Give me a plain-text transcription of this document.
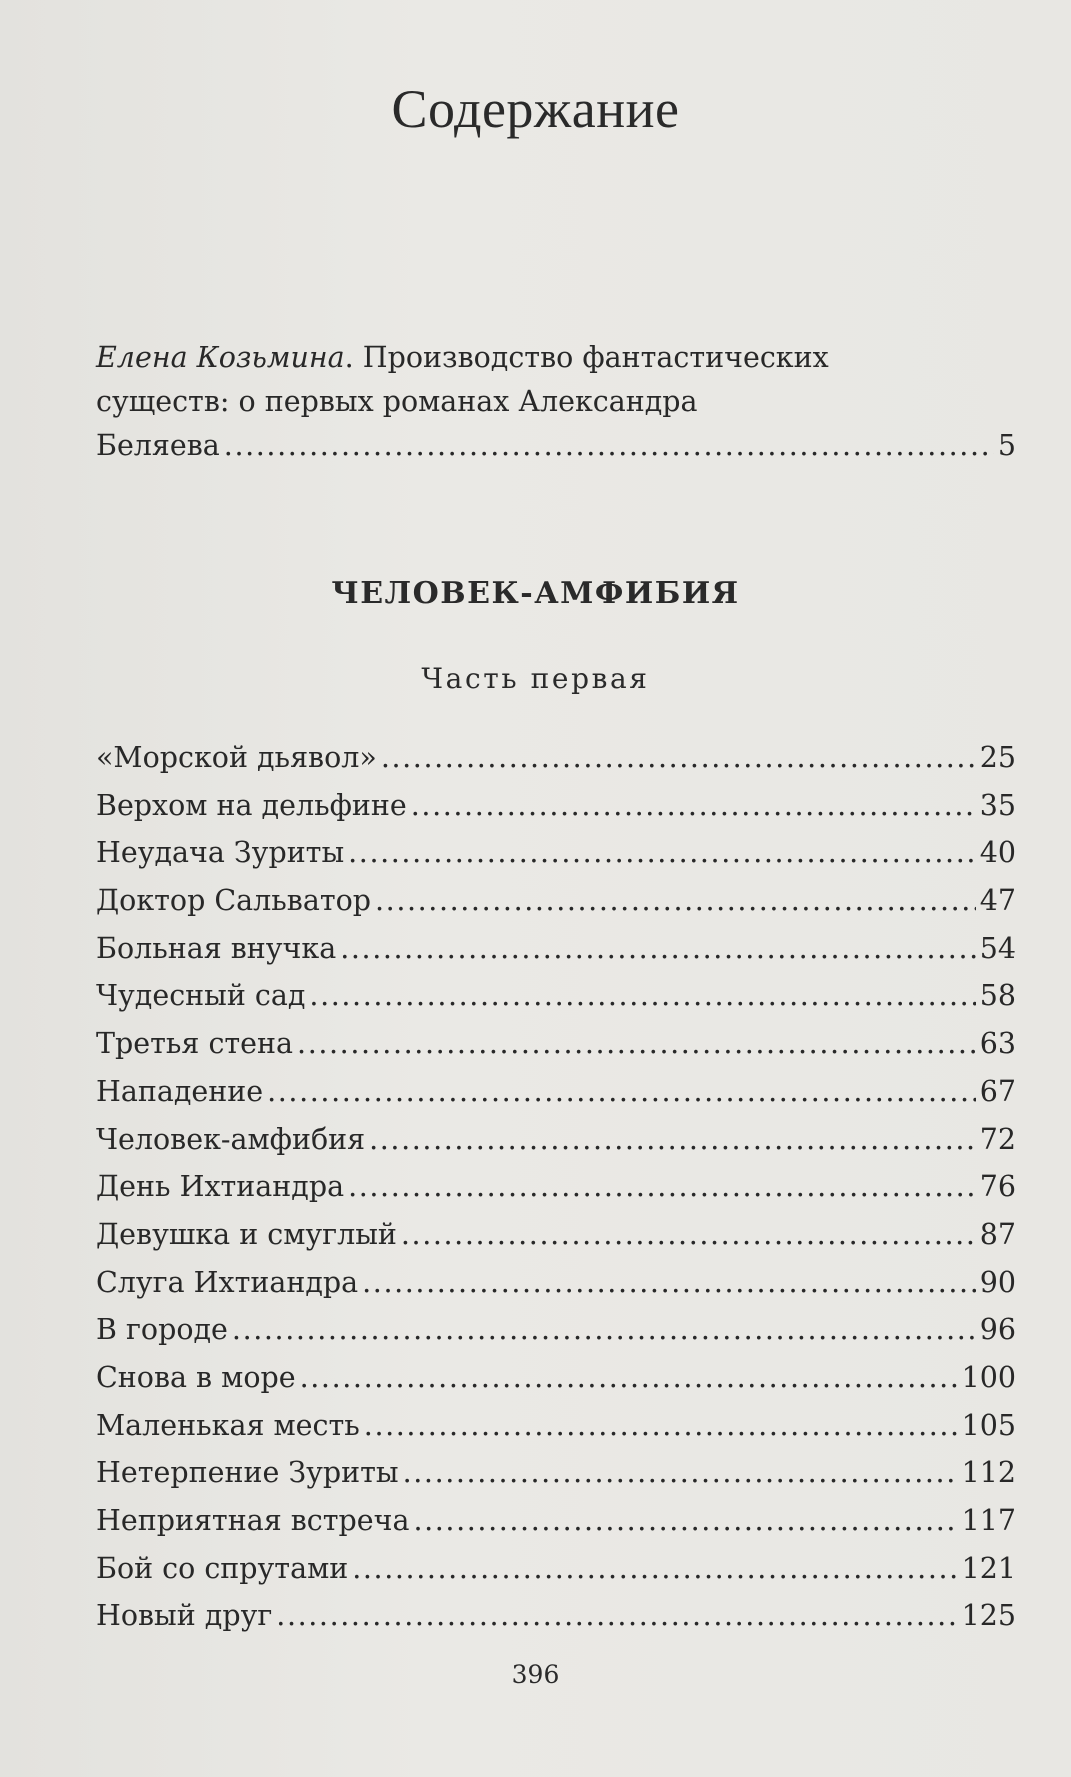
Содержание
Елена Козьмина. Производство фантастических
существ: о первых романах Александра
Беляева .....	5
ЧЕЛОВЕК-АМФИБИЯ
Часть первая
«Морской дьявол» .....	25
Верхом на дельфине .....	35
Неудача Зуриты .....	40
Доктор Сальватор .....	47
Больная внучка .....	54
Чудесный сад .....	58
Третья стена .....	63
Нападение .....	67
Человек-амфибия .....	72
День Ихтиандра .....	76
Девушка и смуглый .....	87
Слуга Ихтиандра .....	90
В городе .....	96
Снова в море .....	100
Маленькая месть .....	105
Нетерпение Зуриты .....	112
Неприятная встреча .....	117
Бой со спрутами .....	121
Новый друг .....	125
396
